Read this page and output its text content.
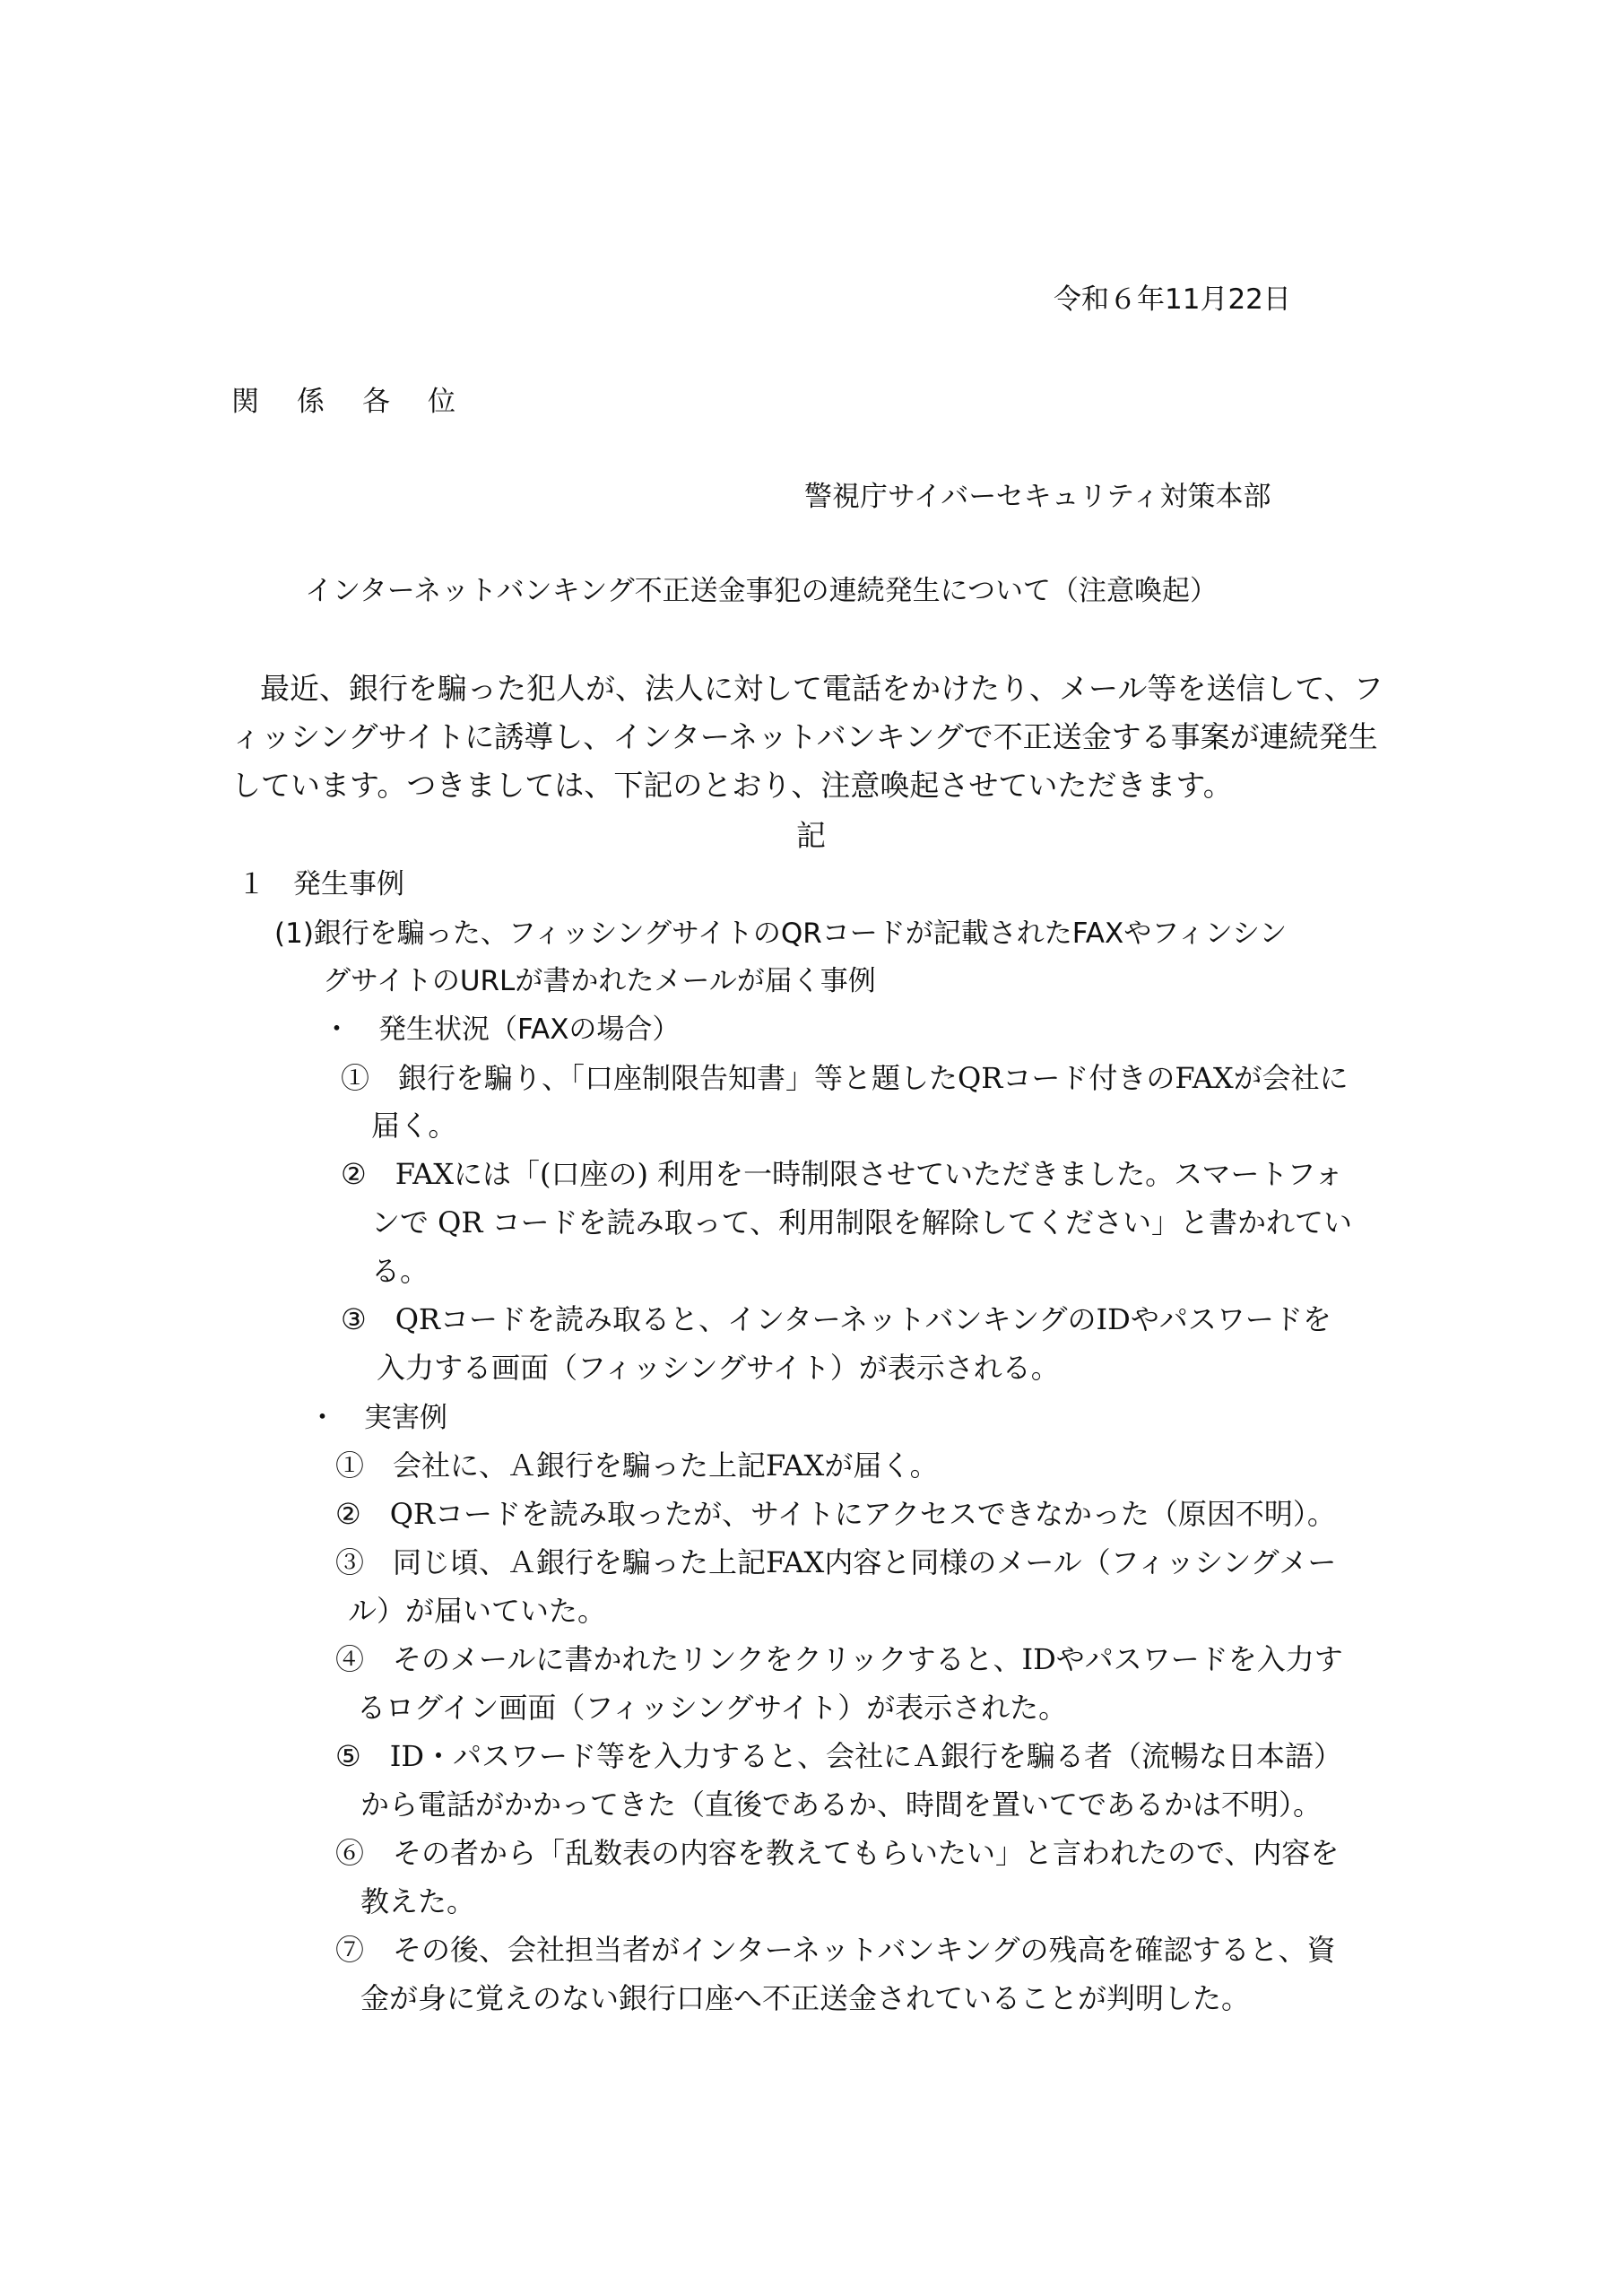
令和６年11月22日
関係各位
警視庁サイバーセキュリティ対策本部
インターネットバンキング不正送金事犯の連続発生について（注意喚起）
最近、銀行を騙った犯人が、法人に対して電話をかけたり、メール等を送信して、フ
ィッシングサイトに誘導し、インターネットバンキングで不正送金する事案が連続発生
しています。つきましては、下記のとおり、注意喚起させていただきます。
記
１　発生事例
(1)銀行を騙った、フィッシングサイトのQRコードが記載されたFAXやフィンシン
グサイトのURLが書かれたメールが届く事例
・　発生状況（FAXの場合）
①　銀行を騙り、「口座制限告知書」等と題したQRコード付きのFAXが会社に
届く。
②　FAXには「(口座の) 利用を一時制限させていただきました。スマートフォ
ンで QR コードを読み取って、利用制限を解除してください」と書かれてい
る。
③　QRコードを読み取ると、インターネットバンキングのIDやパスワードを
入力する画面（フィッシングサイト）が表示される。
・　実害例
①　会社に、Ａ銀行を騙った上記FAXが届く。
②　QRコードを読み取ったが、サイトにアクセスできなかった（原因不明）。
③　同じ頃、Ａ銀行を騙った上記FAX内容と同様のメール（フィッシングメー
ル）が届いていた。
④　そのメールに書かれたリンクをクリックすると、IDやパスワードを入力す
るログイン画面（フィッシングサイト）が表示された。
⑤　ID・パスワード等を入力すると、会社にＡ銀行を騙る者（流暢な日本語）
から電話がかかってきた（直後であるか、時間を置いてであるかは不明）。
⑥　その者から「乱数表の内容を教えてもらいたい」と言われたので、内容を
教えた。
⑦　その後、会社担当者がインターネットバンキングの残高を確認すると、資
金が身に覚えのない銀行口座へ不正送金されていることが判明した。
